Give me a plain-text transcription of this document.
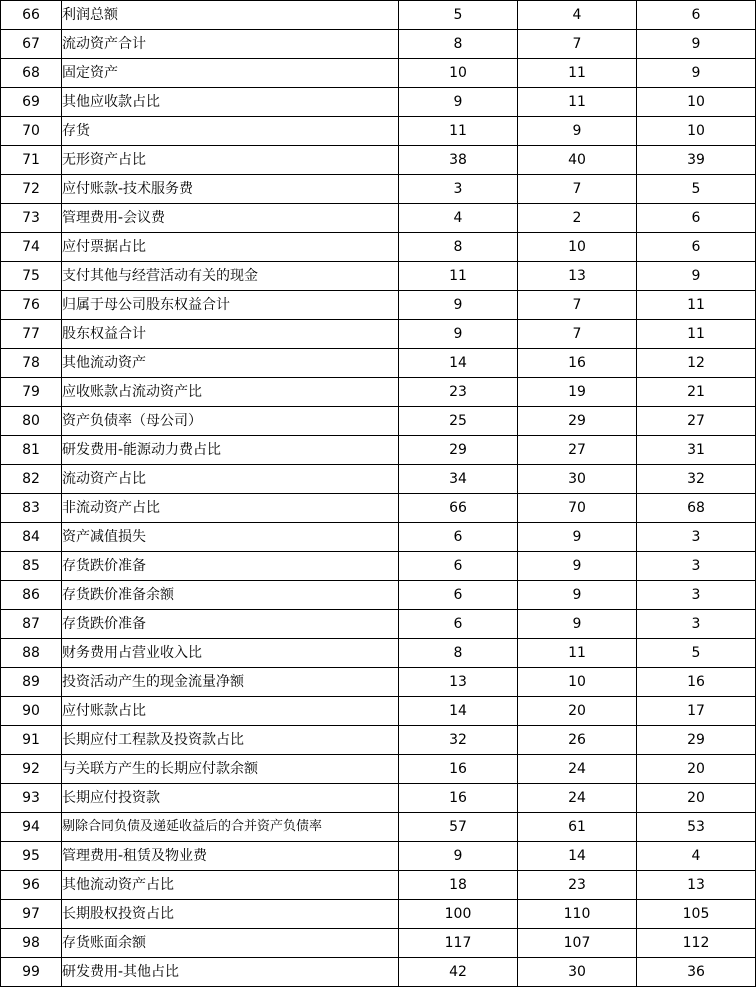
66	利润总额	5	4	6
67	流动资产合计	8	7	9
68	固定资产	10	11	9
69	其他应收款占比	9	11	10
70	存货	11	9	10
71	无形资产占比	38	40	39
72	应付账款-技术服务费	3	7	5
73	管理费用-会议费	4	2	6
74	应付票据占比	8	10	6
75	支付其他与经营活动有关的现金	11	13	9
76	归属于母公司股东权益合计	9	7	11
77	股东权益合计	9	7	11
78	其他流动资产	14	16	12
79	应收账款占流动资产比	23	19	21
80	资产负债率（母公司）	25	29	27
81	研发费用-能源动力费占比	29	27	31
82	流动资产占比	34	30	32
83	非流动资产占比	66	70	68
84	资产减值损失	6	9	3
85	存货跌价准备	6	9	3
86	存货跌价准备余额	6	9	3
87	存货跌价准备	6	9	3
88	财务费用占营业收入比	8	11	5
89	投资活动产生的现金流量净额	13	10	16
90	应付账款占比	14	20	17
91	长期应付工程款及投资款占比	32	26	29
92	与关联方产生的长期应付款余额	16	24	20
93	长期应付投资款	16	24	20
94	剔除合同负债及递延收益后的合并资产负债率	57	61	53
95	管理费用-租赁及物业费	9	14	4
96	其他流动资产占比	18	23	13
97	长期股权投资占比	100	110	105
98	存货账面余额	117	107	112
99	研发费用-其他占比	42	30	36
